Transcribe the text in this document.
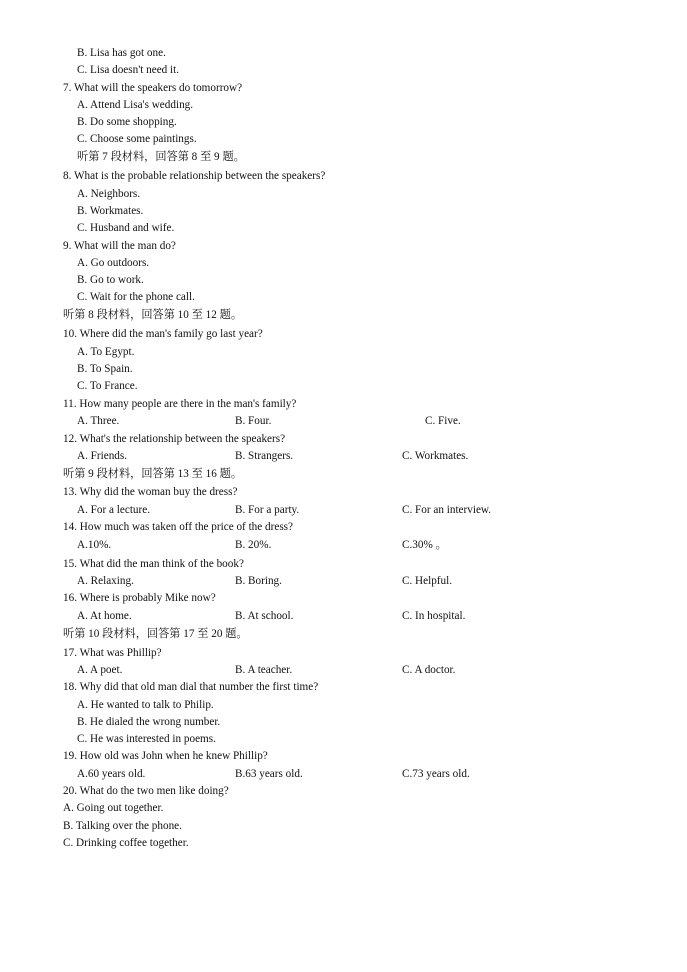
B. Lisa has got one.
C. Lisa doesn't need it.
7. What will the speakers do tomorrow?
A. Attend Lisa's wedding.
B. Do some shopping.
C. Choose some paintings.
听第 7 段材料，回答第 8 至 9 题。
8. What is the probable relationship between the speakers?
A. Neighbors.
B. Workmates.
C. Husband and wife.
9. What will the man do?
A. Go outdoors.
B. Go to work.
C. Wait for the phone call.
听第 8 段材料，回答第 10 至 12 题。
10. Where did the man's family go last year?
A. To Egypt.
B. To Spain.
C. To France.
11. How many people are there in the man's family?
A. Three.	B. Four.	C. Five.
12. What's the relationship between the speakers?
A. Friends.	B. Strangers.	C. Workmates.
听第 9 段材料，回答第 13 至 16 题。
13. Why did the woman buy the dress?
A. For a lecture.	B. For a party.	C. For an interview.
14. How much was taken off the price of the dress?
A.10%.	B. 20%.	C.30% 。
15. What did the man think of the book?
A. Relaxing.	B. Boring.	C. Helpful.
16. Where is probably Mike now?
A. At home.	B. At school.	C. In hospital.
听第 10 段材料，回答第 17 至 20 题。
17. What was Phillip?
A. A poet.	B. A teacher.	C. A doctor.
18. Why did that old man dial that number the first time?
A. He wanted to talk to Philip.
B. He dialed the wrong number.
C. He was interested in poems.
19. How old was John when he knew Phillip?
A.60 years old.	B.63 years old.	C.73 years old.
20. What do the two men like doing?
A. Going out together.
B. Talking over the phone.
C. Drinking coffee together.
